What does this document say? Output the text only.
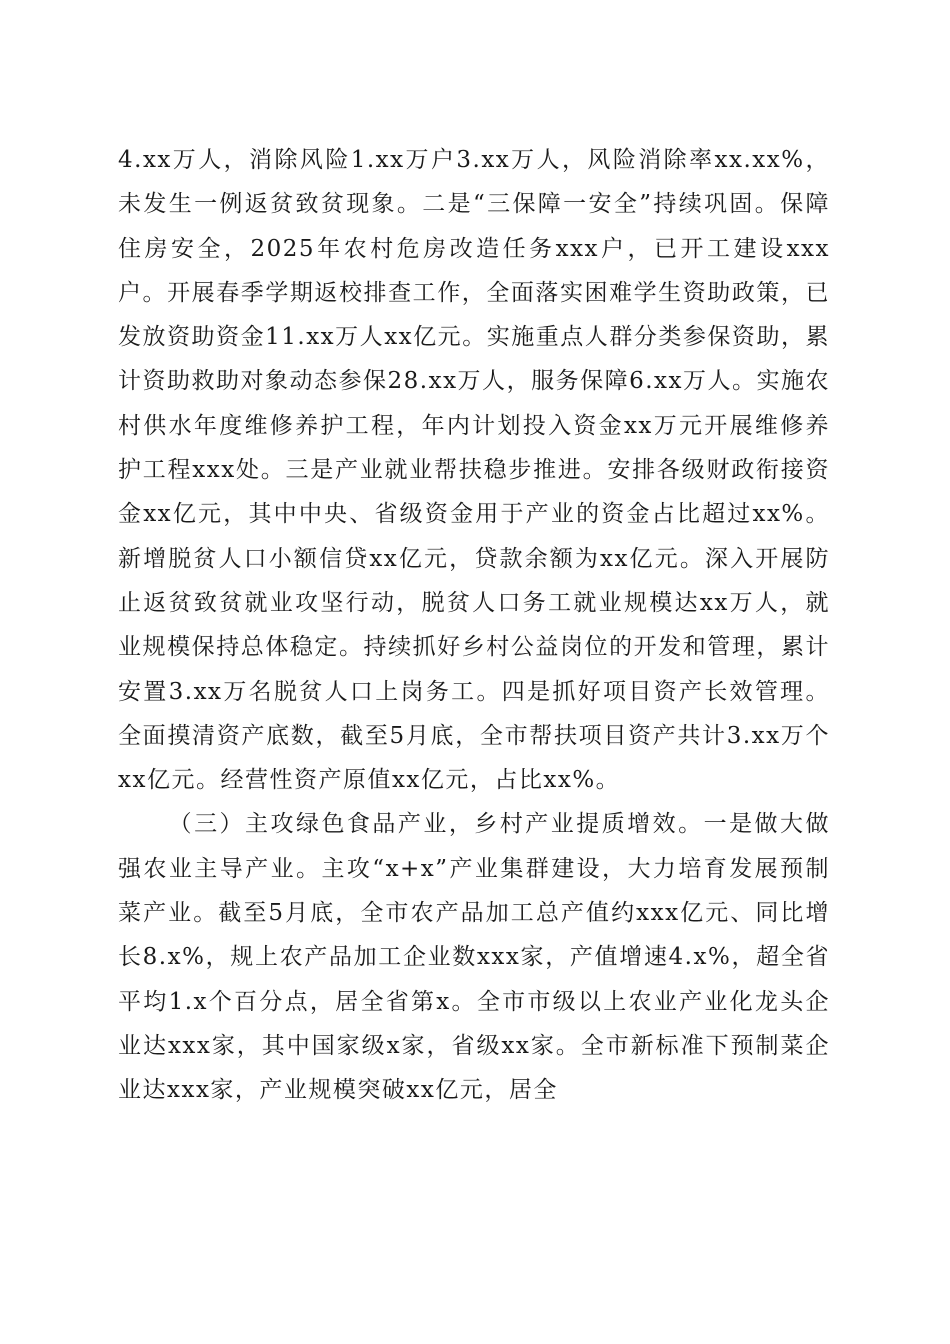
4.xx万人，消除风险1.xx万户3.xx万人，风险消除率xx.xx%，未发生一例返贫致贫现象。二是“三保障一安全”持续巩固。保障住房安全，2025年农村危房改造任务xxx户，已开工建设xxx户。开展春季学期返校排查工作，全面落实困难学生资助政策，已发放资助资金11.xx万人xx亿元。实施重点人群分类参保资助，累计资助救助对象动态参保28.xx万人，服务保障6.xx万人。实施农村供水年度维修养护工程，年内计划投入资金xx万元开展维修养护工程xxx处。三是产业就业帮扶稳步推进。安排各级财政衔接资金xx亿元，其中中央、省级资金用于产业的资金占比超过xx%。新增脱贫人口小额信贷xx亿元，贷款余额为xx亿元。深入开展防止返贫致贫就业攻坚行动，脱贫人口务工就业规模达xx万人，就业规模保持总体稳定。持续抓好乡村公益岗位的开发和管理，累计安置3.xx万名脱贫人口上岗务工。四是抓好项目资产长效管理。全面摸清资产底数，截至5月底，全市帮扶项目资产共计3.xx万个xx亿元。经营性资产原值xx亿元，占比xx%。

（三）主攻绿色食品产业，乡村产业提质增效。一是做大做强农业主导产业。主攻“x+x”产业集群建设，大力培育发展预制菜产业。截至5月底，全市农产品加工总产值约xxx亿元、同比增长8.x%，规上农产品加工企业数xxx家，产值增速4.x%，超全省平均1.x个百分点，居全省第x。全市市级以上农业产业化龙头企业达xxx家，其中国家级x家，省级xx家。全市新标准下预制菜企业达xxx家，产业规模突破xx亿元，居全
